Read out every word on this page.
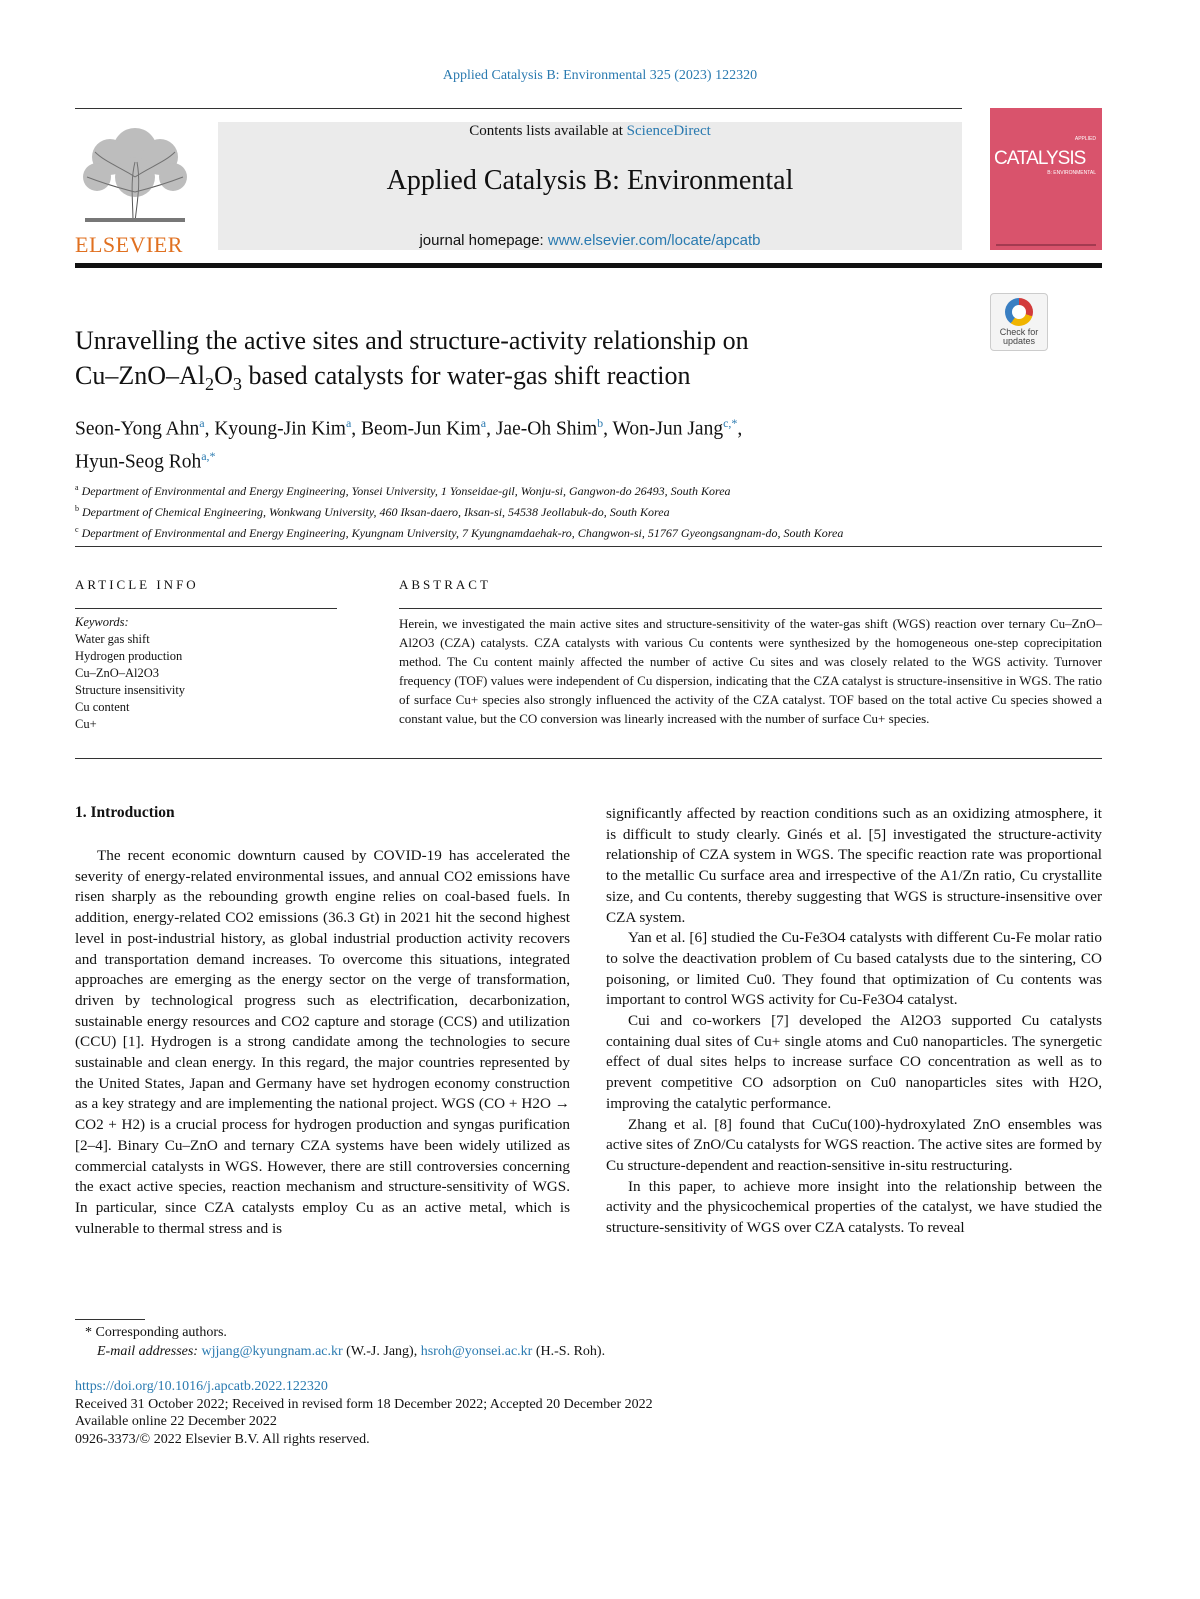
Applied Catalysis B: Environmental 325 (2023) 122320
ELSEVIER
Contents lists available at ScienceDirect
Applied Catalysis B: Environmental
journal homepage: www.elsevier.com/locate/apcatb
APPLIED
CATALYSIS
B: ENVIRONMENTAL
Check for updates
Unravelling the active sites and structure-activity relationship on
$Cu-ZnO-Al_2O_3$ based catalysts for water-gas shift reaction
Seon-Yong Ahn$^a$, Kyoung-Jin Kim$^a$, Beom-Jun Kim$^a$, Jae-Oh Shim$^b$, Won-Jun Jang$^{c,*}$,
Hyun-Seog Roh$^{a,*}$
$^a$ Department of Environmental and Energy Engineering, Yonsei University, 1 Yonseidae-gil, Wonju-si, Gangwon-do 26493, South Korea
$^b$ Department of Chemical Engineering, Wonkwang University, 460 Iksan-daero, Iksan-si, 54538 Jeollabuk-do, South Korea
$^c$ Department of Environmental and Energy Engineering, Kyungnam University, 7 Kyungnamdaehak-ro, Changwon-si, 51767 Gyeongsangnam-do, South Korea
ARTICLE INFO	ABSTRACT
Keywords:
Water gas shift
Hydrogen production
Cu–ZnO–Al2O3
Structure insensitivity
Cu content
Cu+
Herein, we investigated the main active sites and structure-sensitivity of the water-gas shift (WGS) reaction over ternary Cu–ZnO–Al2O3 (CZA) catalysts. CZA catalysts with various Cu contents were synthesized by the homogeneous one-step coprecipitation method. The Cu content mainly affected the number of active Cu sites and was closely related to the WGS activity. Turnover frequency (TOF) values were independent of Cu dispersion, indicating that the CZA catalyst is structure-insensitive in WGS. The ratio of surface Cu+ species also strongly influenced the activity of the CZA catalyst. TOF based on the total active Cu species showed a constant value, but the CO conversion was linearly increased with the number of surface Cu+ species.
1. Introduction

The recent economic downturn caused by COVID-19 has accelerated the severity of energy-related environmental issues, and annual CO2 emissions have risen sharply as the rebounding growth engine relies on coal-based fuels. In addition, energy-related CO2 emissions (36.3 Gt) in 2021 hit the second highest level in post-industrial history, as global industrial production activity recovers and transportation demand increases. To overcome this situations, integrated approaches are emerging as the energy sector on the verge of transformation, driven by technological progress such as electrification, decarbonization, sustainable energy resources and CO2 capture and storage (CCS) and utilization (CCU) [1]. Hydrogen is a strong candidate among the technologies to secure sustainable and clean energy. In this regard, the major countries represented by the United States, Japan and Germany have set hydrogen economy construction as a key strategy and are implementing the national project. WGS (CO + H2O → CO2 + H2) is a crucial process for hydrogen production and syngas purification [2–4]. Binary Cu–ZnO and ternary CZA systems have been widely utilized as commercial catalysts in WGS. However, there are still controversies concerning the exact active species, reaction mechanism and structure-sensitivity of WGS. In particular, since CZA catalysts employ Cu as an active metal, which is vulnerable to thermal stress and is

significantly affected by reaction conditions such as an oxidizing atmosphere, it is difficult to study clearly. Ginés et al. [5] investigated the structure-activity relationship of CZA system in WGS. The specific reaction rate was proportional to the metallic Cu surface area and irrespective of the A1/Zn ratio, Cu crystallite size, and Cu contents, thereby suggesting that WGS is structure-insensitive over CZA system.

Yan et al. [6] studied the Cu-Fe3O4 catalysts with different Cu-Fe molar ratio to solve the deactivation problem of Cu based catalysts due to the sintering, CO poisoning, or limited Cu0. They found that optimization of Cu contents was important to control WGS activity for Cu-Fe3O4 catalyst.

Cui and co-workers [7] developed the Al2O3 supported Cu catalysts containing dual sites of Cu+ single atoms and Cu0 nanoparticles. The synergetic effect of dual sites helps to increase surface CO concentration as well as to prevent competitive CO adsorption on Cu0 nanoparticles sites with H2O, improving the catalytic performance.

Zhang et al. [8] found that CuCu(100)-hydroxylated ZnO ensembles was active sites of ZnO/Cu catalysts for WGS reaction. The active sites are formed by Cu structure-dependent and reaction-sensitive in-situ restructuring.

In this paper, to achieve more insight into the relationship between the activity and the physicochemical properties of the catalyst, we have studied the structure-sensitivity of WGS over CZA catalysts. To reveal

* Corresponding authors.
E-mail addresses: wjjang@kyungnam.ac.kr (W.-J. Jang), hsroh@yonsei.ac.kr (H.-S. Roh).
https://doi.org/10.1016/j.apcatb.2022.122320
Received 31 October 2022; Received in revised form 18 December 2022; Accepted 20 December 2022
Available online 22 December 2022
0926-3373/© 2022 Elsevier B.V. All rights reserved.
